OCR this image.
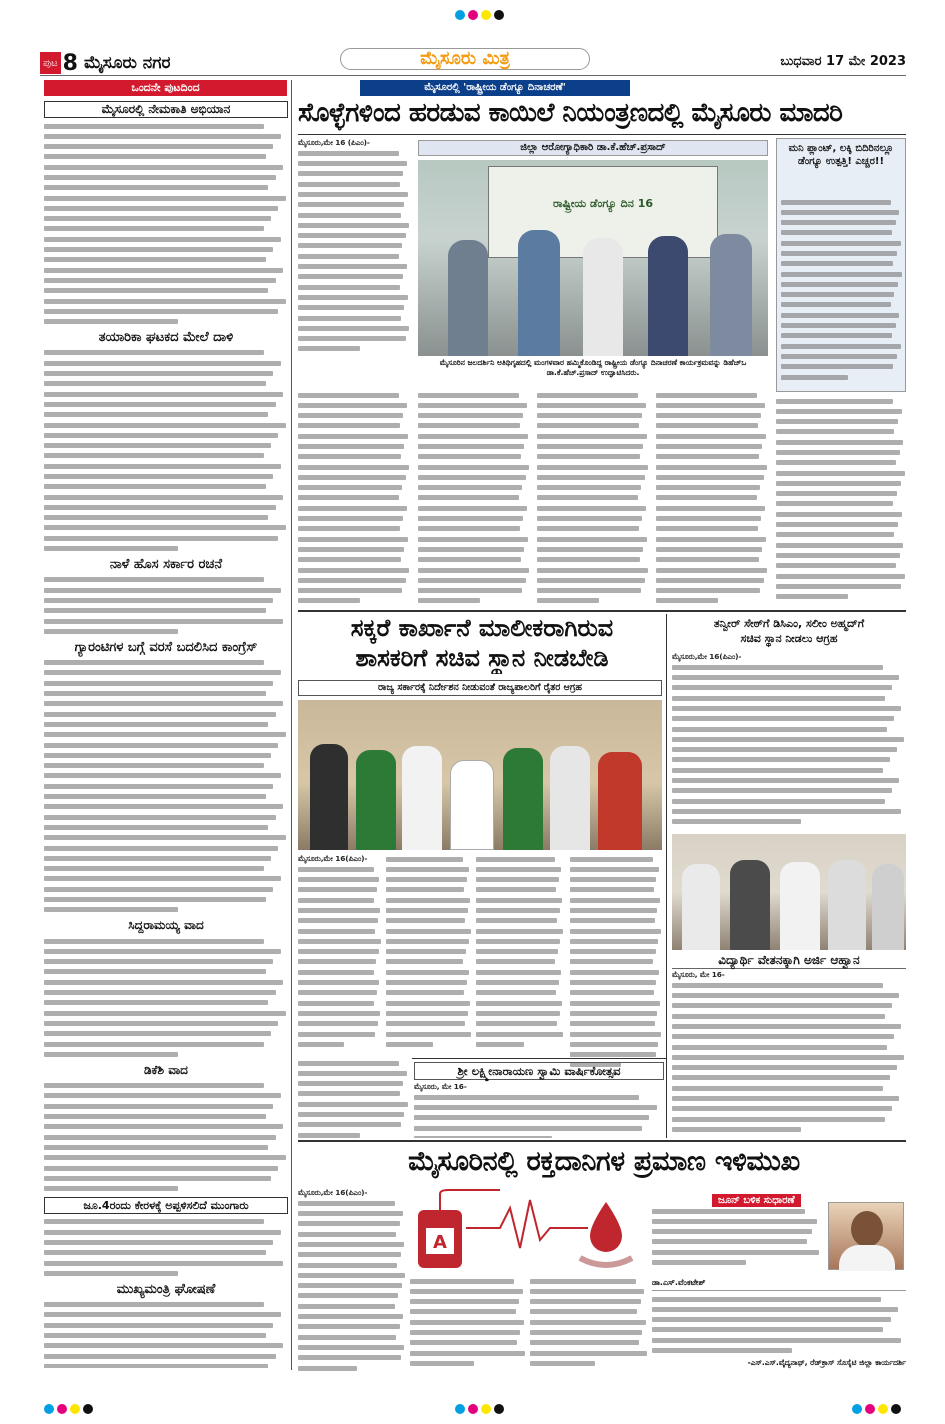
ಪುಟ 8 ಮೈಸೂರು ನಗರ	ಮೈಸೂರು ಮಿತ್ರ	ಬುಧವಾರ 17 ಮೇ 2023
ಒಂದನೇ ಪುಟದಿಂದ
ಮೈಸೂರಲ್ಲಿ ನೇಮಕಾತಿ ಅಭಿಯಾನ
ತಯಾರಿಕಾ ಘಟಕದ ಮೇಲೆ ದಾಳಿ
ನಾಳೆ ಹೊಸ ಸರ್ಕಾರ ರಚನೆ
ಗ್ಯಾರಂಟಿಗಳ ಬಗ್ಗೆ ವರಸೆ ಬದಲಿಸಿದ ಕಾಂಗ್ರೆಸ್
ಸಿದ್ದರಾಮಯ್ಯ ವಾದ
ಡಿಕೆಶಿ ವಾದ
ಜೂ.4ರಂದು ಕೇರಳಕ್ಕೆ ಅಪ್ಪಳಿಸಲಿದೆ ಮುಂಗಾರು
ಮುಖ್ಯಮಂತ್ರಿ ಘೋಷಣೆ
ಮೈಸೂರಲ್ಲಿ 'ರಾಷ್ಟ್ರೀಯ ಡೆಂಗ್ಯೂ ದಿನಾಚರಣೆ'
ಸೊಳ್ಳೆಗಳಿಂದ ಹರಡುವ ಕಾಯಿಲೆ ನಿಯಂತ್ರಣದಲ್ಲಿ ಮೈಸೂರು ಮಾದರಿ
ಮೈಸೂರು,ಮೇ 16 (ಪಿಎಂ)-	ಜಿಲ್ಲಾ ಆರೋಗ್ಯಾಧಿಕಾರಿ ಡಾ.ಕೆ.ಹೆಚ್.ಪ್ರಸಾದ್
ರಾಷ್ಟ್ರೀಯ ಡೆಂಗ್ಯೂ ದಿನ 16
ಮೈಸೂರಿನ ಜಲದರ್ಶಿನಿ ಅತಿಥಿಗೃಹದಲ್ಲಿ ಮಂಗಳವಾರ ಹಮ್ಮಿಕೊಂಡಿದ್ದ ರಾಷ್ಟ್ರೀಯ ಡೆಂಗ್ಯೂ ದಿನಾಚರಣೆ ಕಾರ್ಯಕ್ರಮವನ್ನು ಡಿಹೆಚ್‌ಒ ಡಾ.ಕೆ.ಹೆಚ್.ಪ್ರಸಾದ್ ಉದ್ಘಾಟಿಸಿದರು.
ಮನಿ ಪ್ಲಾಂಟ್, ಲಕ್ಕಿ ಬಿದಿರಿನಲ್ಲೂ ಡೆಂಗ್ಯೂ ಉತ್ಪತ್ತಿ! ಎಚ್ಚರ!!
ಸಕ್ಕರೆ ಕಾರ್ಖಾನೆ ಮಾಲೀಕರಾಗಿರುವ
ಶಾಸಕರಿಗೆ ಸಚಿವ ಸ್ಥಾನ ನೀಡಬೇಡಿ
ರಾಜ್ಯ ಸರ್ಕಾರಕ್ಕೆ ನಿರ್ದೇಶನ ನೀಡುವಂತೆ ರಾಜ್ಯಪಾಲರಿಗೆ ರೈತರ ಆಗ್ರಹ
ಮೈಸೂರು,ಮೇ 16(ಪಿಎಂ)-
ತನ್ವೀರ್ ಸೇಠ್‌ಗೆ ಡಿಸಿಎಂ, ಸಲೀಂ ಅಹ್ಮದ್‌ಗೆ
ಸಚಿವ ಸ್ಥಾನ ನೀಡಲು ಆಗ್ರಹ
ಮೈಸೂರು,ಮೇ 16(ಪಿಎಂ)-
ವಿದ್ಯಾರ್ಥಿ ವೇತನಕ್ಕಾಗಿ ಅರ್ಜಿ ಆಹ್ವಾನ
ಮೈಸೂರು, ಮೇ 16-
ಶ್ರೀ ಲಕ್ಷ್ಮೀನಾರಾಯಣ ಸ್ವಾಮಿ ವಾರ್ಷಿಕೋತ್ಸವ
ಮೈಸೂರು, ಮೇ 16-
ಮೈಸೂರಿನಲ್ಲಿ ರಕ್ತದಾನಿಗಳ ಪ್ರಮಾಣ ಇಳಿಮುಖ
ಮೈಸೂರು,ಮೇ 16(ಪಿಎಂ)-
A
ಜೂನ್ ಬಳಿಕ ಸುಧಾರಣೆ
ಡಾ.ಎಸ್.ವೆಂಕಟೇಶ್
-ಎಸ್.ಎಸ್.ವೈದ್ಯನಾಥ್, ರೆಡ್‌ಕ್ರಾಸ್ ಸೊಸೈಟಿ ಜಿಲ್ಲಾ ಕಾರ್ಯದರ್ಶಿ
